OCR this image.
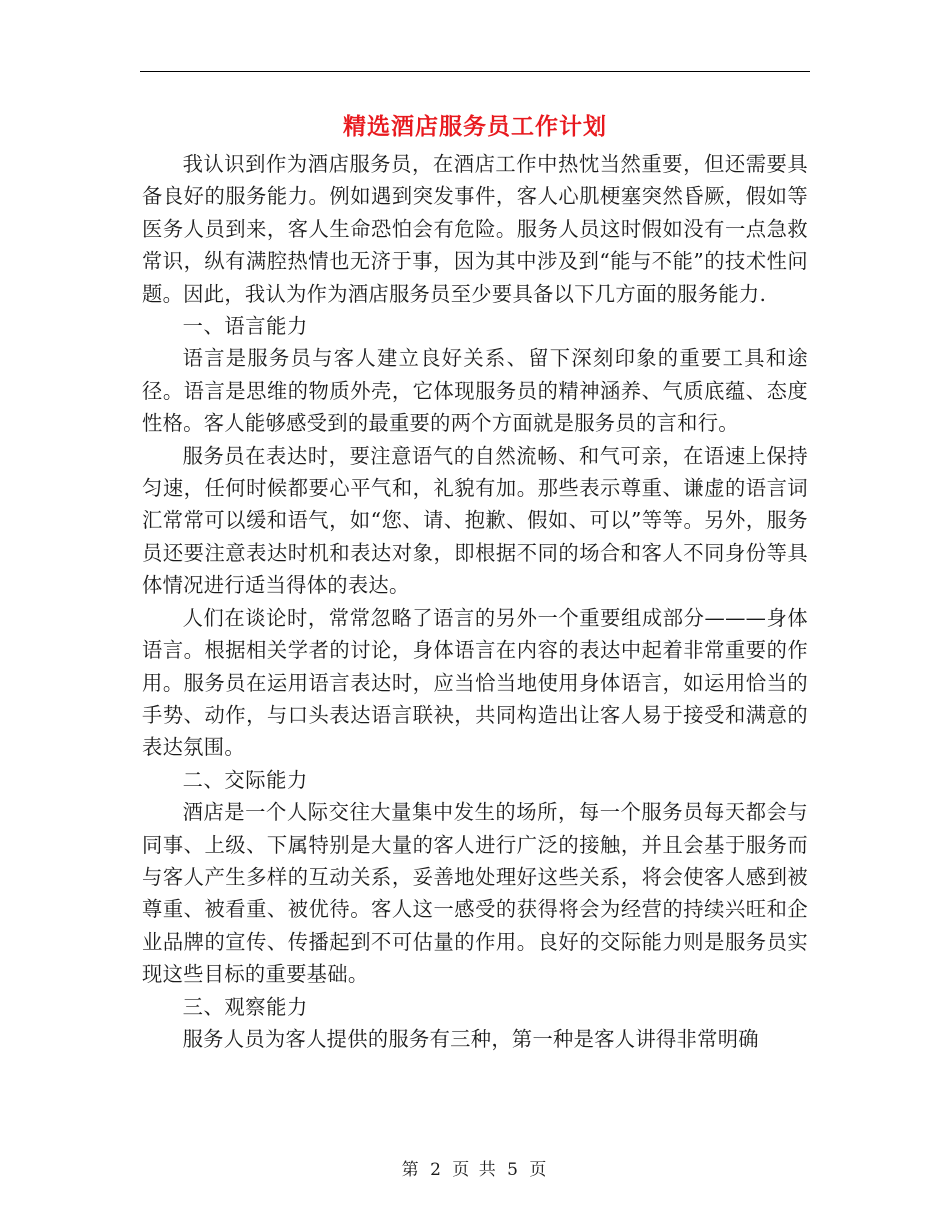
精选酒店服务员工作计划

我认识到作为酒店服务员，在酒店工作中热忱当然重要，但还需要具备良好的服务能力。例如遇到突发事件，客人心肌梗塞突然昏厥，假如等医务人员到来，客人生命恐怕会有危险。服务人员这时假如没有一点急救常识，纵有满腔热情也无济于事，因为其中涉及到“能与不能”的技术性问题。因此，我认为作为酒店服务员至少要具备以下几方面的服务能力.

一、语言能力

语言是服务员与客人建立良好关系、留下深刻印象的重要工具和途径。语言是思维的物质外壳，它体现服务员的精神涵养、气质底蕴、态度性格。客人能够感受到的最重要的两个方面就是服务员的言和行。

服务员在表达时，要注意语气的自然流畅、和气可亲，在语速上保持匀速，任何时候都要心平气和，礼貌有加。那些表示尊重、谦虚的语言词汇常常可以缓和语气，如“您、请、抱歉、假如、可以”等等。另外，服务员还要注意表达时机和表达对象，即根据不同的场合和客人不同身份等具体情况进行适当得体的表达。

人们在谈论时，常常忽略了语言的另外一个重要组成部分———身体语言。根据相关学者的讨论，身体语言在内容的表达中起着非常重要的作用。服务员在运用语言表达时，应当恰当地使用身体语言，如运用恰当的手势、动作，与口头表达语言联袂，共同构造出让客人易于接受和满意的表达氛围。

二、交际能力

酒店是一个人际交往大量集中发生的场所，每一个服务员每天都会与同事、上级、下属特别是大量的客人进行广泛的接触，并且会基于服务而与客人产生多样的互动关系，妥善地处理好这些关系，将会使客人感到被尊重、被看重、被优待。客人这一感受的获得将会为经营的持续兴旺和企业品牌的宣传、传播起到不可估量的作用。良好的交际能力则是服务员实现这些目标的重要基础。

三、观察能力

服务人员为客人提供的服务有三种，第一种是客人讲得非常明确

第 2 页 共 5 页
